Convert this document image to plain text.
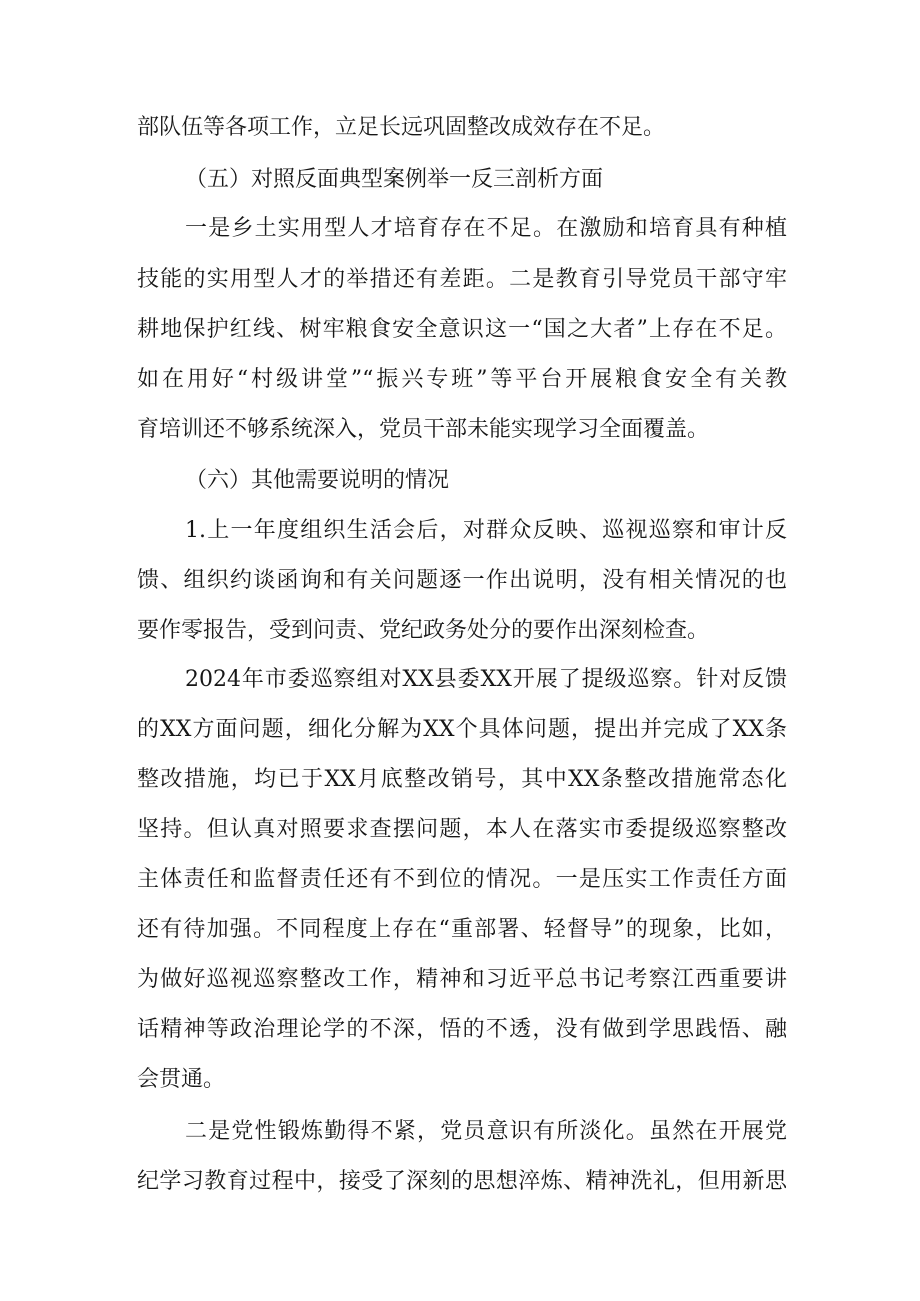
部队伍等各项工作，立足长远巩固整改成效存在不足。
（五）对照反面典型案例举一反三剖析方面
一是乡土实用型人才培育存在不足。在激励和培育具有种植
技能的实用型人才的举措还有差距。二是教育引导党员干部守牢
耕地保护红线、树牢粮食安全意识这一“国之大者”上存在不足。
如在用好“村级讲堂”“振兴专班”等平台开展粮食安全有关教
育培训还不够系统深入，党员干部未能实现学习全面覆盖。
（六）其他需要说明的情况
1.上一年度组织生活会后，对群众反映、巡视巡察和审计反
馈、组织约谈函询和有关问题逐一作出说明，没有相关情况的也
要作零报告，受到问责、党纪政务处分的要作出深刻检查。
2024年市委巡察组对XX县委XX开展了提级巡察。针对反馈
的XX方面问题，细化分解为XX个具体问题，提出并完成了XX条
整改措施，均已于XX月底整改销号，其中XX条整改措施常态化
坚持。但认真对照要求查摆问题，本人在落实市委提级巡察整改
主体责任和监督责任还有不到位的情况。一是压实工作责任方面
还有待加强。不同程度上存在“重部署、轻督导”的现象，比如，
为做好巡视巡察整改工作，精神和习近平总书记考察江西重要讲
话精神等政治理论学的不深，悟的不透，没有做到学思践悟、融
会贯通。
二是党性锻炼勤得不紧，党员意识有所淡化。虽然在开展党
纪学习教育过程中，接受了深刻的思想淬炼、精神洗礼，但用新思
